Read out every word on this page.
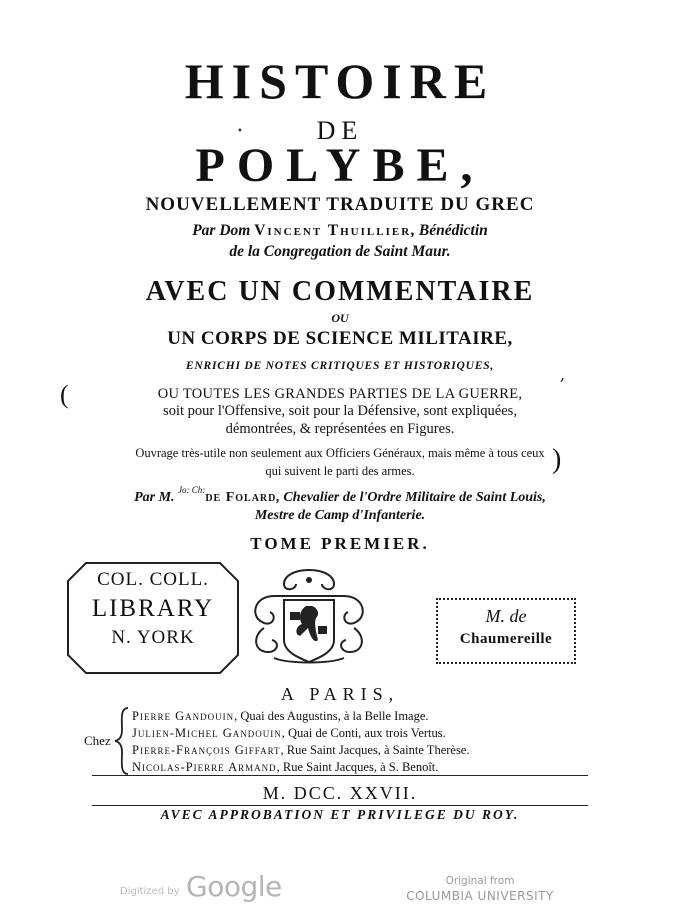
HISTOIRE
•	DE
POLYBE,
NOUVELLEMENT TRADUITE DU GREC
Par Dom Vincent Thuillier, Bénédictin
de la Congregation de Saint Maur.
AVEC UN COMMENTAIRE
OU
UN CORPS DE SCIENCE MILITAIRE,
ENRICHI DE NOTES CRITIQUES ET HISTORIQUES,	,
(	OU TOUTES LES GRANDES PARTIES DE LA GUERRE,
soit pour l'Offensive, soit pour la Défensive, sont expliquées,
démontrées, & représentées en Figures.
Ouvrage très-utile non seulement aux Officiers Généraux, mais même à tous ceux
qui suivent le parti des armes.	)
Par M. $^{Jo: Ch:}$de Folard, Chevalier de l'Ordre Militaire de Saint Louis,
Mestre de Camp d'Infanterie.
TOME PREMIER.
COL. COLL.
LIBRARY
N. YORK
M. de
Chaumereille
A PARIS,
Chez
Pierre Gandouin, Quai des Augustins, à la Belle Image.
Julien-Michel Gandouin, Quai de Conti, aux trois Vertus.
Pierre-François Giffart, Rue Saint Jacques, à Sainte Therèse.
Nicolas-Pierre Armand, Rue Saint Jacques, à S. Benoît.
M. DCC. XXVII.
AVEC APPROBATION ET PRIVILEGE DU ROY.
Digitized by Google	Original from
COLUMBIA UNIVERSITY
